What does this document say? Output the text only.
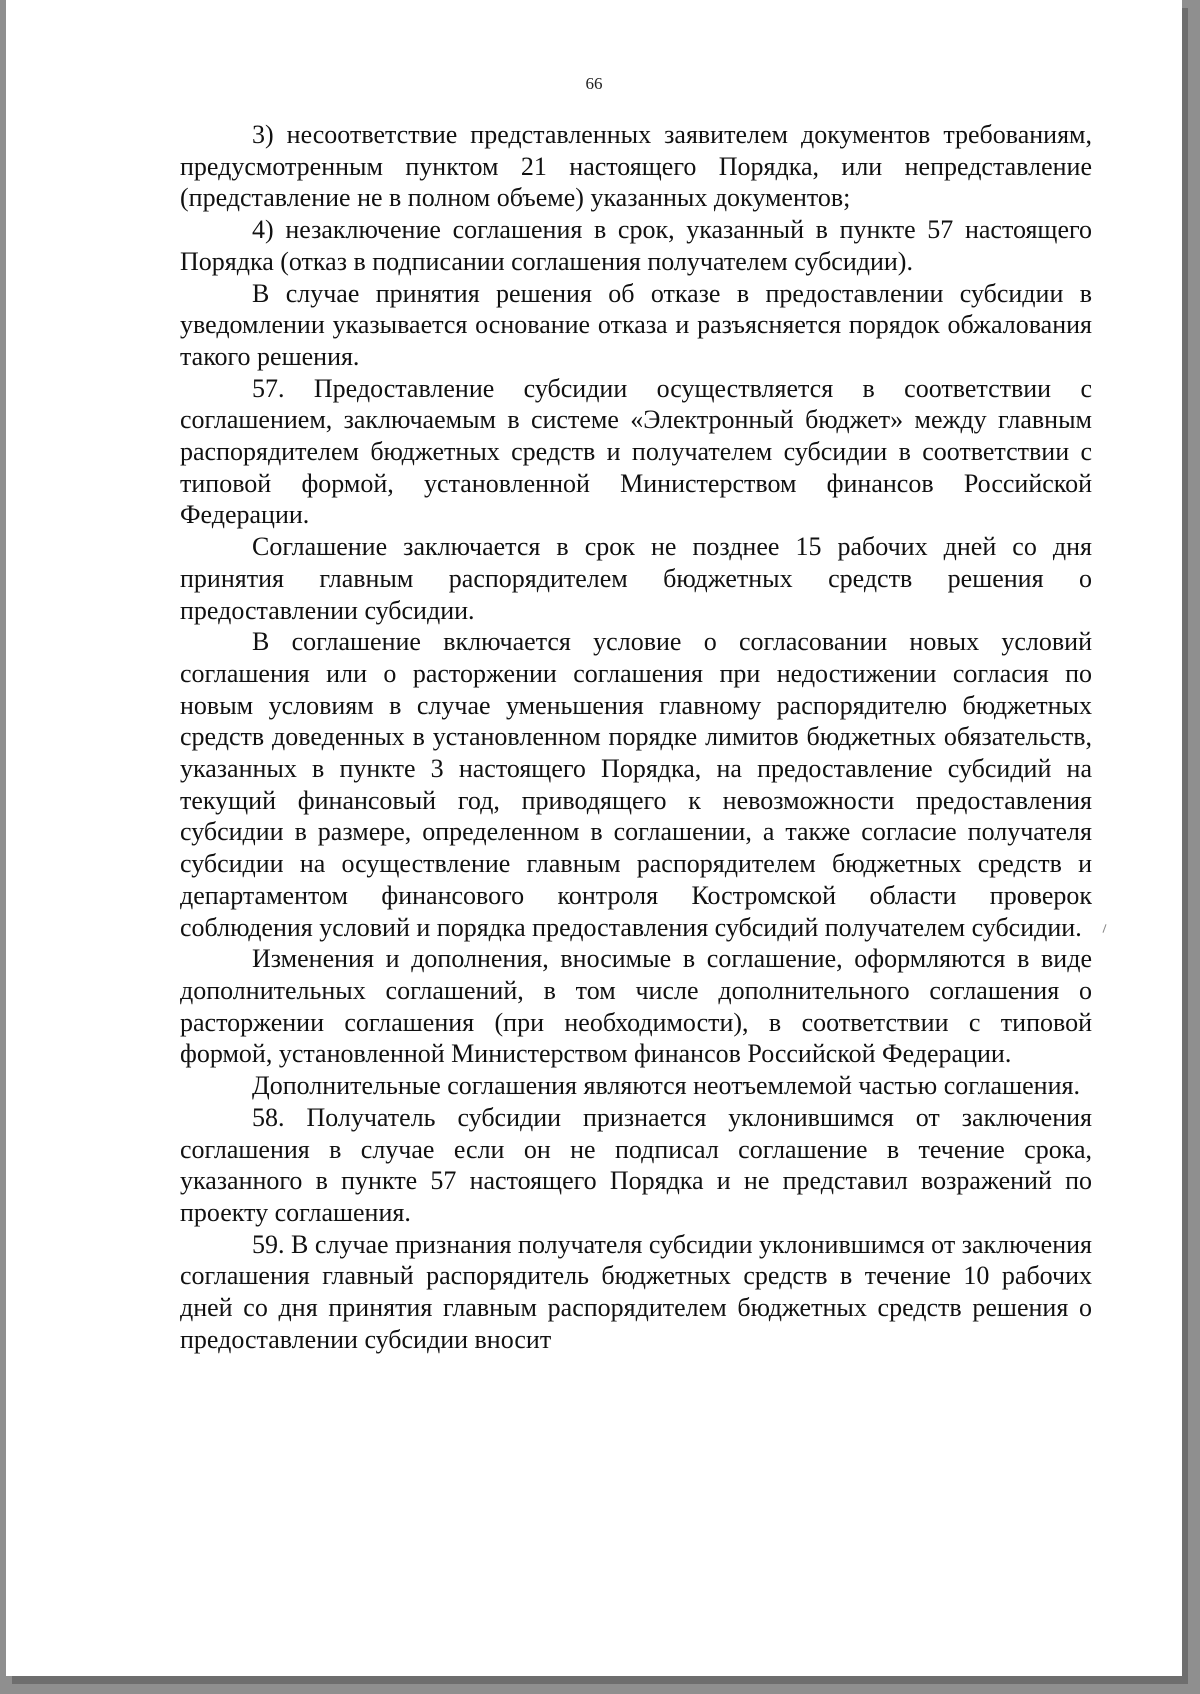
66

3) несоответствие представленных заявителем документов требованиям, предусмотренным пунктом 21 настоящего Порядка, или непредставление (представление не в полном объеме) указанных документов;

4) незаключение соглашения в срок, указанный в пункте 57 настоящего Порядка (отказ в подписании соглашения получателем субсидии).

В случае принятия решения об отказе в предоставлении субсидии в уведомлении указывается основание отказа и разъясняется порядок обжалования такого решения.

57. Предоставление субсидии осуществляется в соответствии с соглашением, заключаемым в системе «Электронный бюджет» между главным распорядителем бюджетных средств и получателем субсидии в соответствии с типовой формой, установленной Министерством финансов Российской Федерации.

Соглашение заключается в срок не позднее 15 рабочих дней со дня принятия главным распорядителем бюджетных средств решения о предоставлении субсидии.

В соглашение включается условие о согласовании новых условий соглашения или о расторжении соглашения при недостижении согласия по новым условиям в случае уменьшения главному распорядителю бюджетных средств доведенных в установленном порядке лимитов бюджетных обязательств, указанных в пункте 3 настоящего Порядка, на предоставление субсидий на текущий финансовый год, приводящего к невозможности предоставления субсидии в размере, определенном в соглашении, а также согласие получателя субсидии на осуществление главным распорядителем бюджетных средств и департаментом финансового контроля Костромской области проверок соблюдения условий и порядка предоставления субсидий получателем субсидии.

Изменения и дополнения, вносимые в соглашение, оформляются в виде дополнительных соглашений, в том числе дополнительного соглашения о расторжении соглашения (при необходимости), в соответствии с типовой формой, установленной Министерством финансов Российской Федерации.

Дополнительные соглашения являются неотъемлемой частью соглашения.

58. Получатель субсидии признается уклонившимся от заключения соглашения в случае если он не подписал соглашение в течение срока, указанного в пункте 57 настоящего Порядка и не представил возражений по проекту соглашения.

59. В случае признания получателя субсидии уклонившимся от заключения соглашения главный распорядитель бюджетных средств в течение 10 рабочих дней со дня принятия главным распорядителем бюджетных средств решения о предоставлении субсидии вносит
